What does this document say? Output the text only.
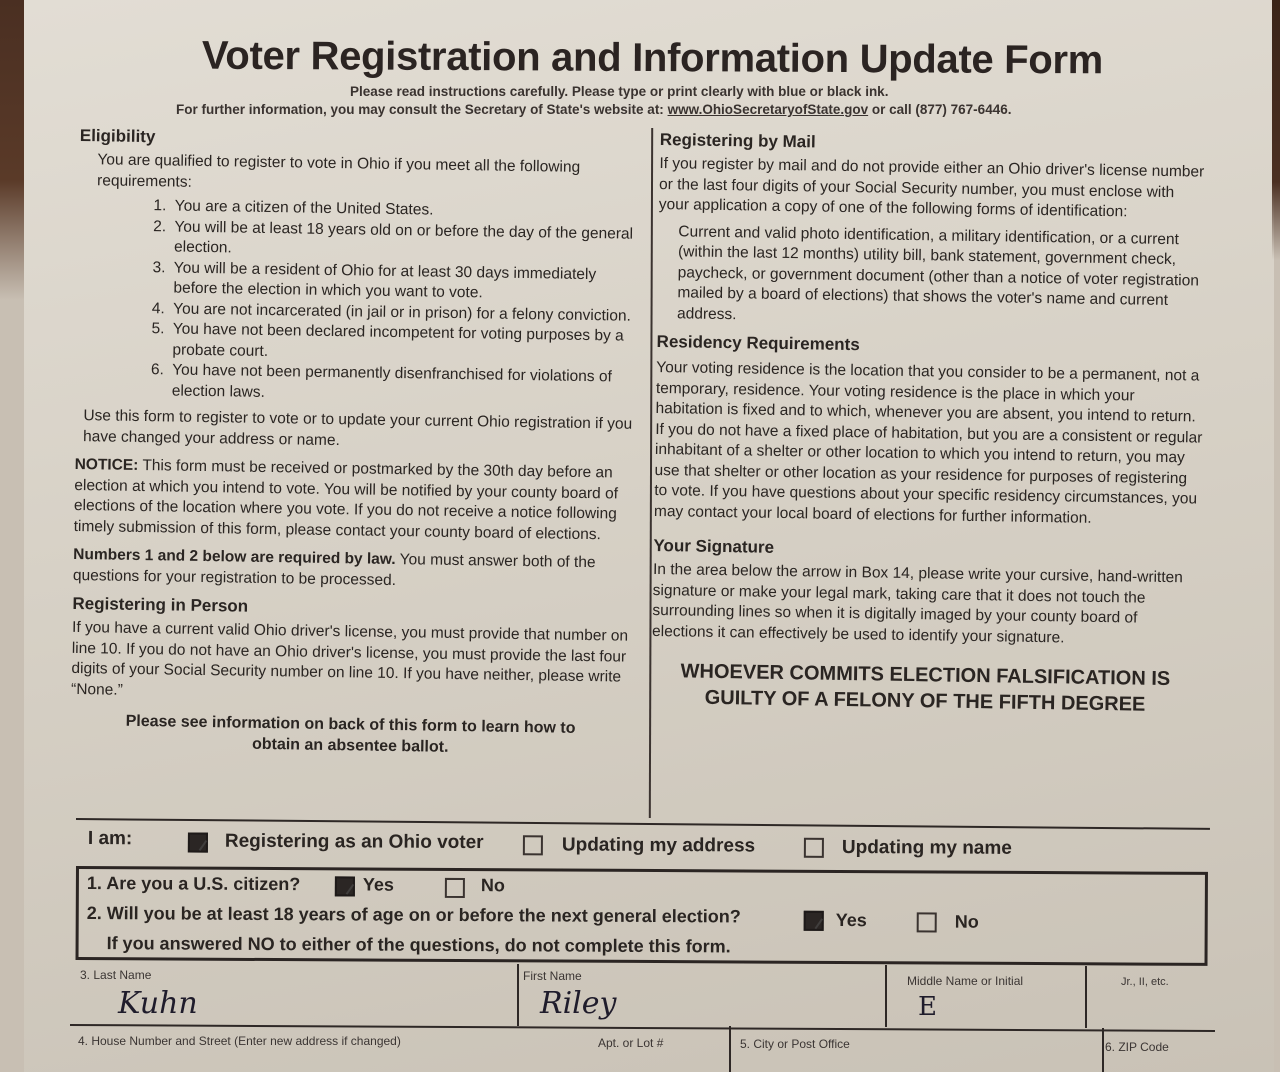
Voter Registration and Information Update Form
Please read instructions carefully. Please type or print clearly with blue or black ink.
For further information, you may consult the Secretary of State's website at: www.OhioSecretaryofState.gov or call (877) 767-6446.
Eligibility
You are qualified to register to vote in Ohio if you meet all the following requirements:
1. You are a citizen of the United States.
2. You will be at least 18 years old on or before the day of the general election.
3. You will be a resident of Ohio for at least 30 days immediately before the election in which you want to vote.
4. You are not incarcerated (in jail or in prison) for a felony conviction.
5. You have not been declared incompetent for voting purposes by a probate court.
6. You have not been permanently disenfranchised for violations of election laws.
Use this form to register to vote or to update your current Ohio registration if you have changed your address or name.
NOTICE: This form must be received or postmarked by the 30th day before an election at which you intend to vote. You will be notified by your county board of elections of the location where you vote. If you do not receive a notice following timely submission of this form, please contact your county board of elections.
Numbers 1 and 2 below are required by law. You must answer both of the questions for your registration to be processed.
Registering in Person
If you have a current valid Ohio driver's license, you must provide that number on line 10. If you do not have an Ohio driver's license, you must provide the last four digits of your Social Security number on line 10. If you have neither, please write “None.”
Please see information on back of this form to learn how to obtain an absentee ballot.
Registering by Mail
If you register by mail and do not provide either an Ohio driver's license number or the last four digits of your Social Security number, you must enclose with your application a copy of one of the following forms of identification:
Current and valid photo identification, a military identification, or a current (within the last 12 months) utility bill, bank statement, government check, paycheck, or government document (other than a notice of voter registration mailed by a board of elections) that shows the voter's name and current address.
Residency Requirements
Your voting residence is the location that you consider to be a permanent, not a temporary, residence. Your voting residence is the place in which your habitation is fixed and to which, whenever you are absent, you intend to return. If you do not have a fixed place of habitation, but you are a consistent or regular inhabitant of a shelter or other location to which you intend to return, you may use that shelter or other location as your residence for purposes of registering to vote. If you have questions about your specific residency circumstances, you may contact your local board of elections for further information.
Your Signature
In the area below the arrow in Box 14, please write your cursive, hand-written signature or make your legal mark, taking care that it does not touch the surrounding lines so when it is digitally imaged by your county board of elections it can effectively be used to identify your signature.
WHOEVER COMMITS ELECTION FALSIFICATION IS
GUILTY OF A FELONY OF THE FIFTH DEGREE
I am:	Registering as an Ohio voter	Updating my address	Updating my name
1. Are you a U.S. citizen?	Yes	No
2. Will you be at least 18 years of age on or before the next general election?	Yes	No
If you answered NO to either of the questions, do not complete this form.
3. Last Name
Kuhn
First Name
Riley
Middle Name or Initial
E
Jr., II, etc.
4. House Number and Street (Enter new address if changed)	Apt. or Lot #	5. City or Post Office	6. ZIP Code
